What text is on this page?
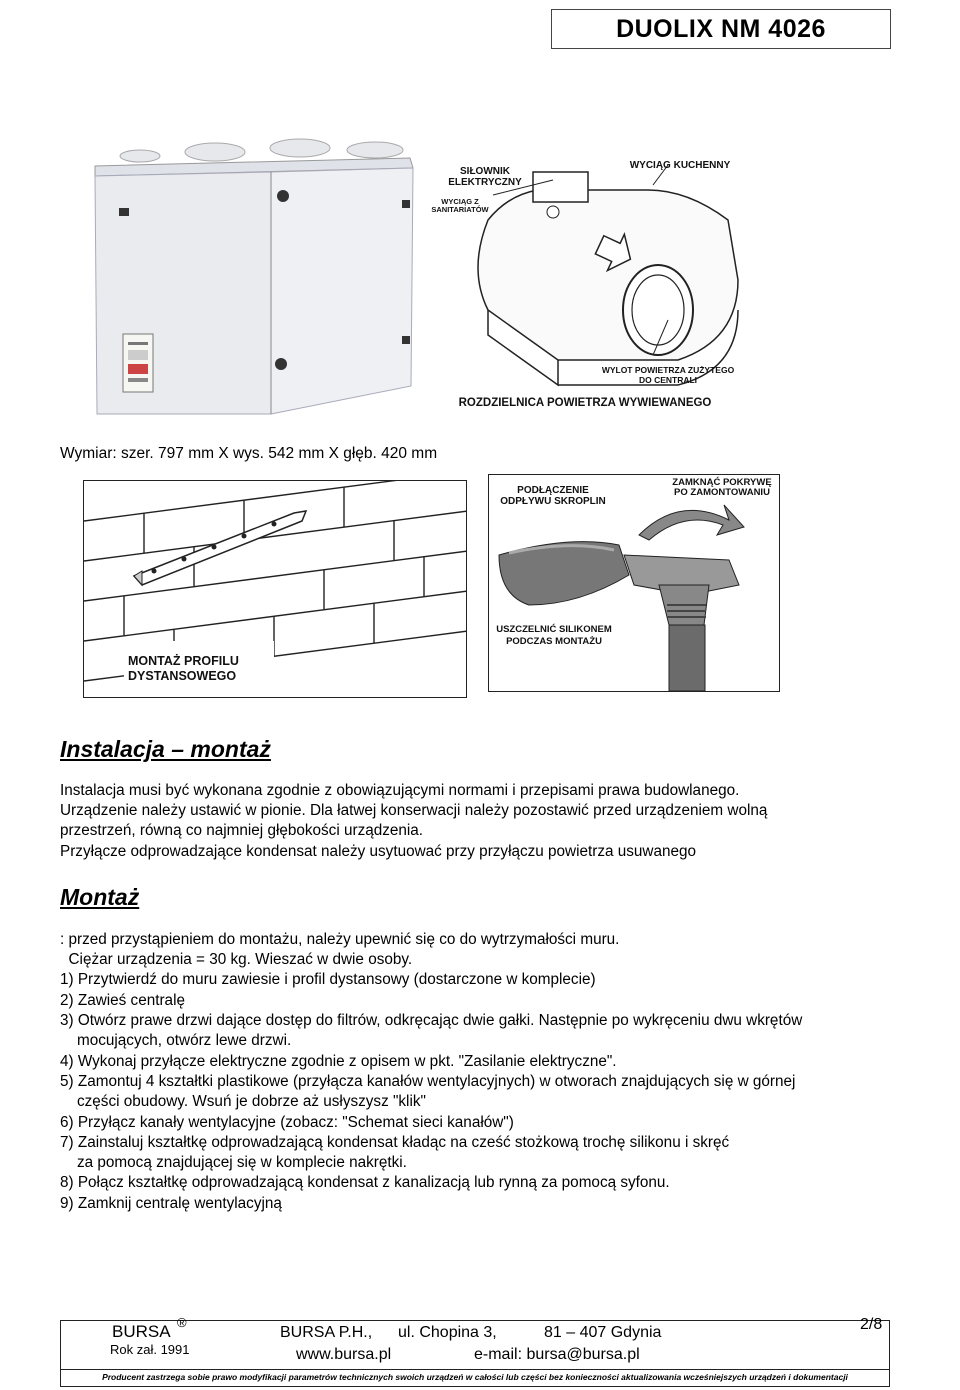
DUOLIX NM 4026
SIŁOWNIK ELEKTRYCZNY
WYCIĄG KUCHENNY
WYCIĄG Z SANITARIATÓW
WYLOT POWIETRZA ZUŻYTEGO DO CENTRALI
ROZDZIELNICA POWIETRZA WYWIEWANEGO
Wymiar: szer. 797 mm X wys. 542 mm X głęb. 420 mm
MONTAŻ PROFILU DYSTANSOWEGO
PODŁĄCZENIE ODPŁYWU SKROPLIN
ZAMKNĄĆ POKRYWĘ PO ZAMONTOWANIU
USZCZELNIĆ SILIKONEM PODCZAS MONTAŻU
Instalacja – montaż
Instalacja musi być wykonana zgodnie z obowiązującymi normami i przepisami prawa budowlanego.
Urządzenie należy ustawić w pionie. Dla łatwej konserwacji należy pozostawić przed urządzeniem wolną
przestrzeń, równą co najmniej głębokości urządzenia.
Przyłącze odprowadzające kondensat należy usytuować przy przyłączu powietrza usuwanego
Montaż
: przed przystąpieniem do montażu, należy upewnić się co do wytrzymałości muru.
Ciężar urządzenia = 30 kg. Wieszać w dwie osoby.
1) Przytwierdź do muru zawiesie i profil dystansowy (dostarczone w komplecie)
2) Zawieś centralę
3) Otwórz prawe drzwi dające dostęp do filtrów, odkręcając dwie gałki. Następnie po wykręceniu dwu wkrętów
mocujących, otwórz lewe drzwi.
4) Wykonaj przyłącze elektryczne zgodnie z opisem w pkt. "Zasilanie elektryczne".
5) Zamontuj 4 kształtki plastikowe (przyłącza kanałów wentylacyjnych) w otworach znajdujących się w górnej
części obudowy. Wsuń je dobrze aż usłyszysz "klik"
6) Przyłącz kanały wentylacyjne (zobacz: "Schemat sieci kanałów")
7) Zainstaluj kształtkę odprowadzającą kondensat kładąc na cześć stożkową trochę silikonu i skręć
za pomocą znajdującej się w komplecie nakrętki.
8) Połącz kształtkę odprowadzającą kondensat z kanalizacją lub rynną za pomocą syfonu.
9) Zamknij centralę wentylacyjną
BURSA ®
Rok zał. 1991
BURSA P.H., ul. Chopina 3,	81 – 407 Gdynia
www.bursa.pl	e-mail: bursa@bursa.pl
2/8
Producent zastrzega sobie prawo modyfikacji parametrów technicznych swoich urządzeń w całości lub części bez konieczności aktualizowania wcześniejszych urządzeń i dokumentacji
